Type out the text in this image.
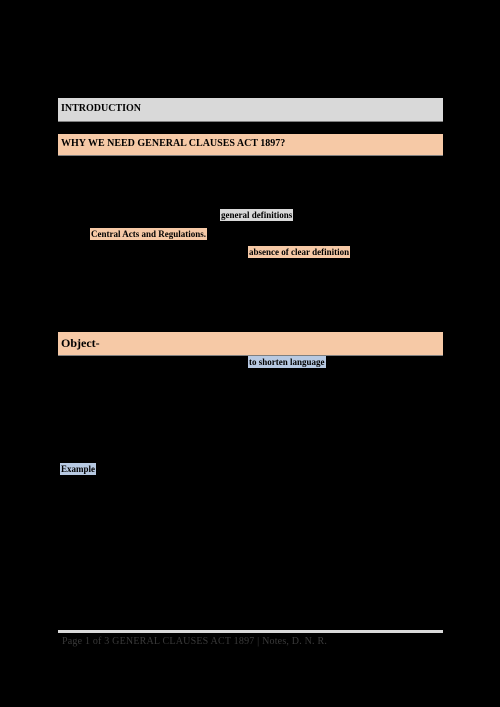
INTRODUCTION
WHY WE NEED GENERAL CLAUSES ACT 1897?
general definitions
Central Acts and Regulations.
absence of clear definition
Object-
to shorten language
Example
Page 1 of 3 GENERAL CLAUSES ACT 1897 | Notes, D. N. R.
